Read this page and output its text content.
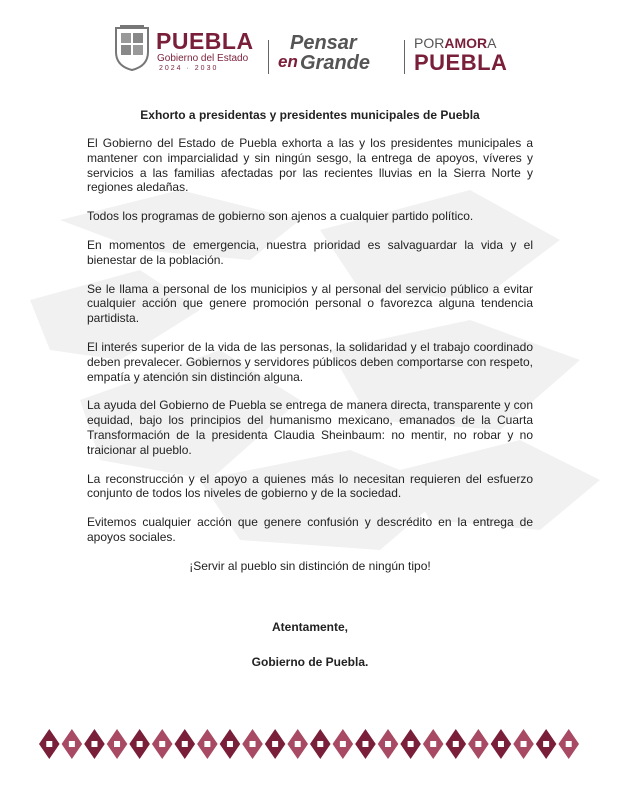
PUEBLA
Gobierno del Estado
2024 · 2030
Pensar
en Grande
PORAMORA
PUEBLA
Exhorto a presidentas y presidentes municipales de Puebla

El Gobierno del Estado de Puebla exhorta a las y los presidentes municipales a mantener con imparcialidad y sin ningún sesgo, la entrega de apoyos, víveres y servicios a las familias afectadas por las recientes lluvias en la Sierra Norte y regiones aledañas.

Todos los programas de gobierno son ajenos a cualquier partido político.

En momentos de emergencia, nuestra prioridad es salvaguardar la vida y el bienestar de la población.

Se le llama a personal de los municipios y al personal del servicio público a evitar cualquier acción que genere promoción personal o favorezca alguna tendencia partidista.

El interés superior de la vida de las personas, la solidaridad y el trabajo coordinado deben prevalecer. Gobiernos y servidores públicos deben comportarse con respeto, empatía y atención sin distinción alguna.

La ayuda del Gobierno de Puebla se entrega de manera directa, transparente y con equidad, bajo los principios del humanismo mexicano, emanados de la Cuarta Transformación de la presidenta Claudia Sheinbaum: no mentir, no robar y no traicionar al pueblo.

La reconstrucción y el apoyo a quienes más lo necesitan requieren del esfuerzo conjunto de todos los niveles de gobierno y de la sociedad.

Evitemos cualquier acción que genere confusión y descrédito en la entrega de apoyos sociales.

¡Servir al pueblo sin distinción de ningún tipo!

Atentamente,
Gobierno de Puebla.
